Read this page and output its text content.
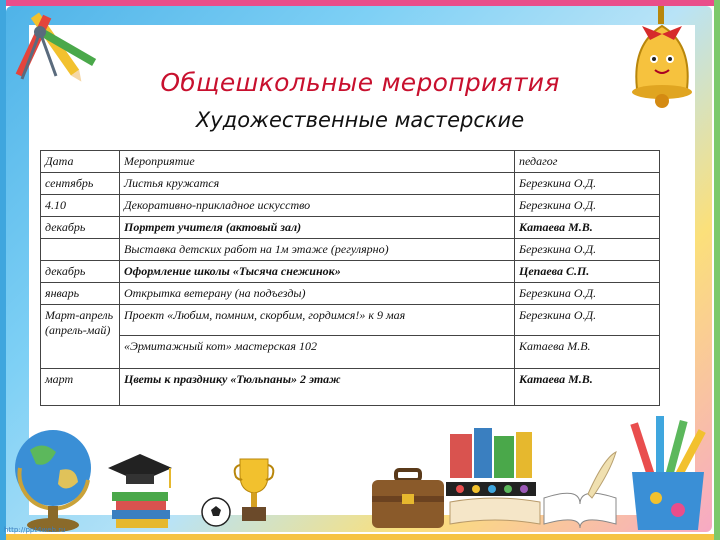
Общешкольные мероприятия
Художественные мастерские
Дата	Мероприятие	педагог
сентябрь	Листья кружатся	Березкина О.Д.
4.10	Декоративно-прикладное искусство	Березкина О.Д.
декабрь	Портрет учителя (актовый зал)	Катаева М.В.
	Выставка детских работ на 1м этаже (регулярно)	Березкина О.Д.
декабрь	Оформление школы «Тысяча снежинок»	Цепаева С.П.
январь	Открытка ветерану (на подъезды)	Березкина О.Д.
Март-апрель (апрель-май)	Проект «Любим, помним, скорбим, гордимся!» к 9 мая	Березкина О.Д.
	«Эрмитажный кот» мастерская 102	Катаева М.В.
март	Цветы к празднику «Тюльпаны» 2 этаж	Катаева М.В.
http://ppt4web.ru
